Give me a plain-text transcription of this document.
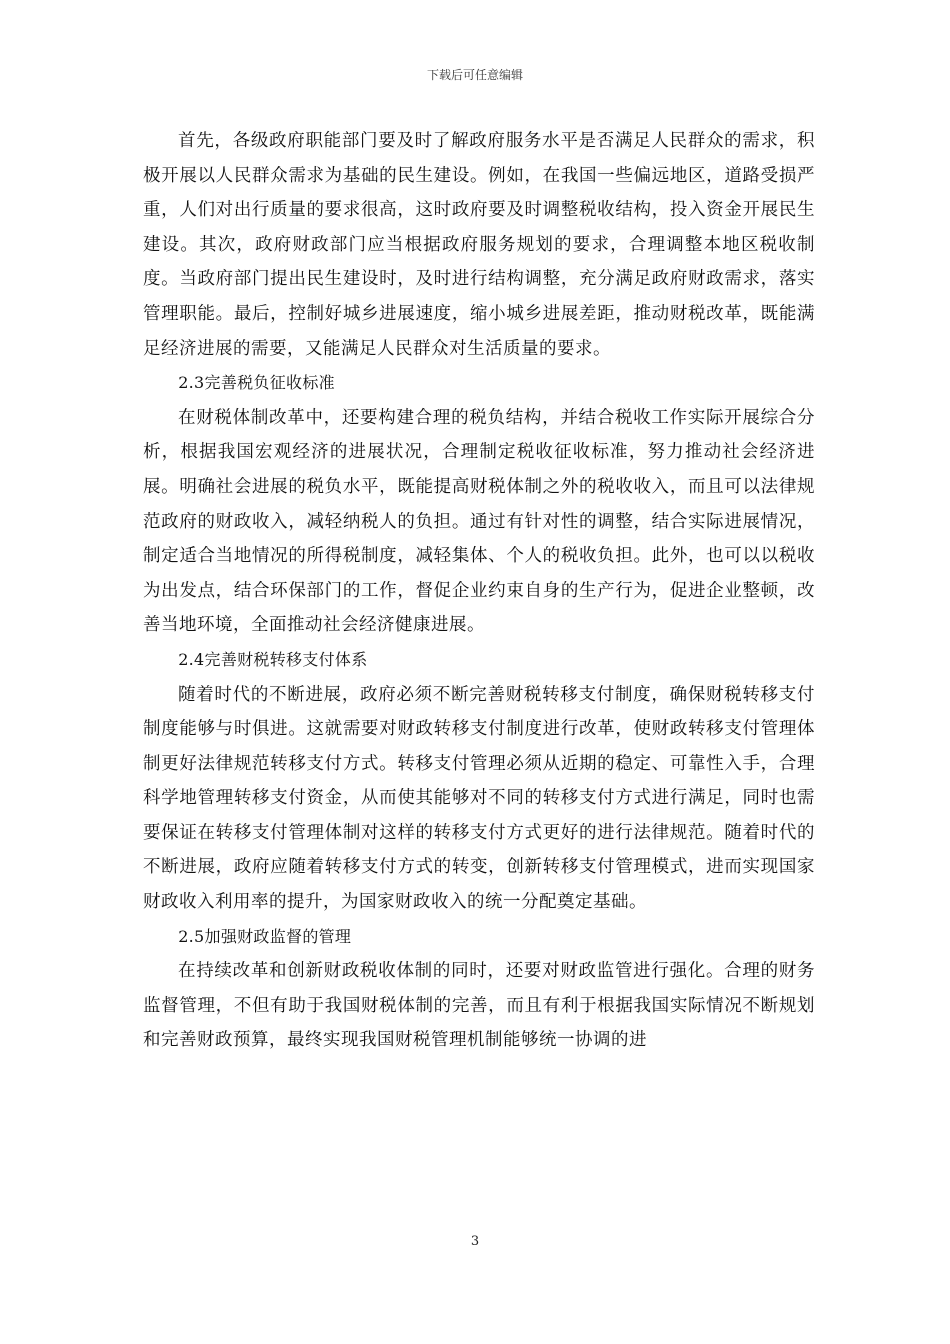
下载后可任意编辑

首先，各级政府职能部门要及时了解政府服务水平是否满足人民群众的需求，积极开展以人民群众需求为基础的民生建设。例如，在我国一些偏远地区，道路受损严重，人们对出行质量的要求很高，这时政府要及时调整税收结构，投入资金开展民生建设。其次，政府财政部门应当根据政府服务规划的要求，合理调整本地区税收制度。当政府部门提出民生建设时，及时进行结构调整，充分满足政府财政需求，落实管理职能。最后，控制好城乡进展速度，缩小城乡进展差距，推动财税改革，既能满足经济进展的需要，又能满足人民群众对生活质量的要求。

2.3完善税负征收标准

在财税体制改革中，还要构建合理的税负结构，并结合税收工作实际开展综合分析，根据我国宏观经济的进展状况，合理制定税收征收标准，努力推动社会经济进展。明确社会进展的税负水平，既能提高财税体制之外的税收收入，而且可以法律规范政府的财政收入，减轻纳税人的负担。通过有针对性的调整，结合实际进展情况，制定适合当地情况的所得税制度，减轻集体、个人的税收负担。此外，也可以以税收为出发点，结合环保部门的工作，督促企业约束自身的生产行为，促进企业整顿，改善当地环境，全面推动社会经济健康进展。

2.4完善财税转移支付体系

随着时代的不断进展，政府必须不断完善财税转移支付制度，确保财税转移支付制度能够与时俱进。这就需要对财政转移支付制度进行改革，使财政转移支付管理体制更好法律规范转移支付方式。转移支付管理必须从近期的稳定、可靠性入手，合理科学地管理转移支付资金，从而使其能够对不同的转移支付方式进行满足，同时也需要保证在转移支付管理体制对这样的转移支付方式更好的进行法律规范。随着时代的不断进展，政府应随着转移支付方式的转变，创新转移支付管理模式，进而实现国家财政收入利用率的提升，为国家财政收入的统一分配奠定基础。

2.5加强财政监督的管理

在持续改革和创新财政税收体制的同时，还要对财政监管进行强化。合理的财务监督管理，不但有助于我国财税体制的完善，而且有利于根据我国实际情况不断规划和完善财政预算，最终实现我国财税管理机制能够统一协调的进

3
